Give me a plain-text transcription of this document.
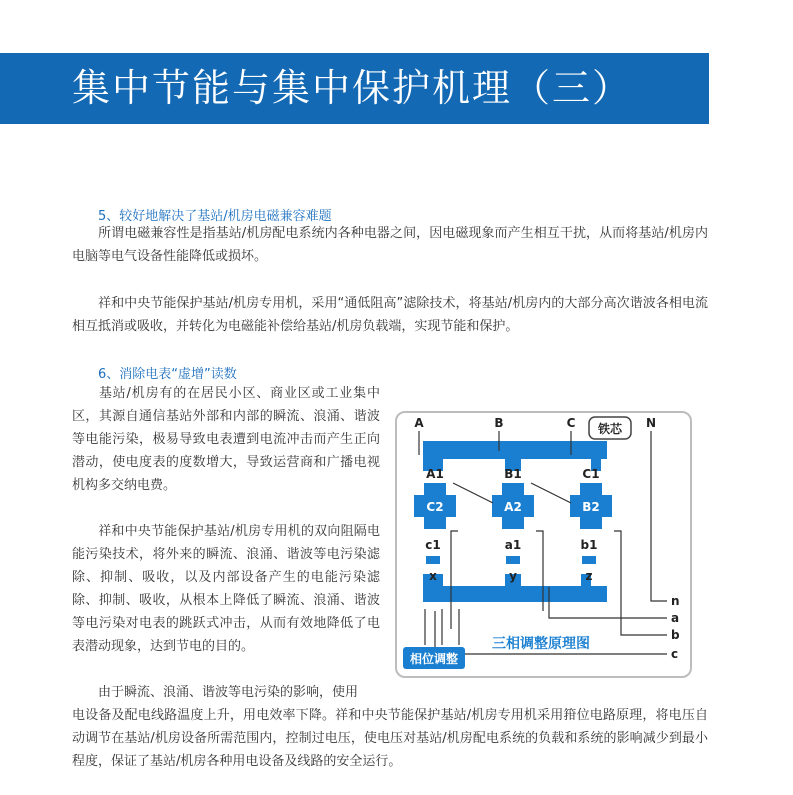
集中节能与集中保护机理（三）
5、较好地解决了基站/机房电磁兼容难题

所谓电磁兼容性是指基站/机房配电系统内各种电器之间，因电磁现象而产生相互干扰，从而将基站/机房内电脑等电气设备性能降低或损坏。

祥和中央节能保护基站/机房专用机，采用“通低阻高”滤除技术，将基站/机房内的大部分高次谐波各相电流相互抵消或吸收，并转化为电磁能补偿给基站/机房负载端，实现节能和保护。

6、消除电表“虚增”读数

基站/机房有的在居民小区、商业区或工业集中区，其源自通信基站外部和内部的瞬流、浪涌、谐波等电能污染，极易导致电表遭到电流冲击而产生正向潜动，使电度表的度数增大，导致运营商和广播电视机构多交纳电费。

祥和中央节能保护基站/机房专用机的双向阻隔电能污染技术，将外来的瞬流、浪涌、谐波等电污染滤除、抑制、吸收，以及内部设备产生的电能污染滤除、抑制、吸收，从根本上降低了瞬流、浪涌、谐波等电污染对电表的跳跃式冲击，从而有效地降低了电表潜动现象，达到节电的目的。

由于瞬流、浪涌、谐波等电污染的影响，使用

电设备及配电线路温度上升，用电效率下降。祥和中央节能保护基站/机房专用机采用箝位电路原理，将电压自动调节在基站/机房设备所需范围内，控制过电压，使电压对基站/机房配电系统的负载和系统的影响减少到最小程度，保证了基站/机房各种用电设备及线路的安全运行。

铁芯
A	B	C	N
A1	B1	C1
C2	A2	B2
c1	a1	b1
x	y	z
n
a
b
c
三相调整原理图
相位调整
